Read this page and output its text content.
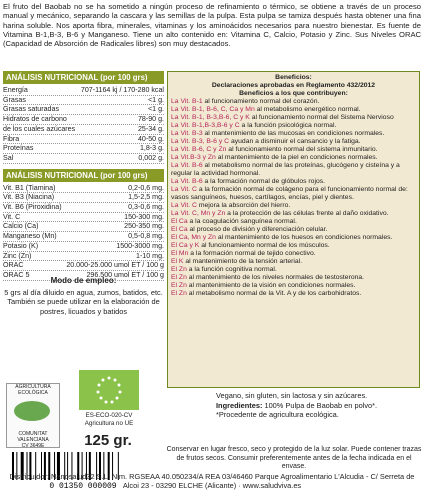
El fruto del Baobab no se ha sometido a ningún proceso de refinamiento o térmico, se obtiene a través de un proceso manual y mecánico, separando la cascara y las semillas de la pulpa. Esta pulpa se tamiza después hasta obtener una fina harina soluble. Nos aporta fibra, minerales, vitaminas y los aminoácidos necesarios para nuestro bienestar. Es fuente de Vitamina B-1,B-3, B-6 y Manganeso. Tiene un alto contenido en: Vitamina C, Calcio, Potasio y Zinc. Sus Niveles ORAC (Capacidad de Absorción de Radicales libres) son muy destacados.
ANÁLISIS NUTRICIONAL (por 100 grs)
Energía	707-1164 kj / 170-280 kcal
Grasas	<1 g.
Grasas saturadas	<1 g.
Hidratos de carbono	78-90 g.
de los cuales azúcares	25-34 g.
Fibra	40-50 g.
Proteínas	1,8-3 g.
Sal	0,002 g.
ANÁLISIS NUTRICIONAL (por 100 grs)
Vit. B1 (Tiamina)	0,2-0,6 mg.
Vit. B3 (Niacina)	1,5-2,5 mg.
Vit. B6 (Piroxidina)	0,3-0,6 mg.
Vit. C	150-300 mg.
Calcio (Ca)	250-350 mg.
Manganeso (Mn)	0,5-0,8 mg.
Potasio (K)	1500-3000 mg.
Zinc (Zn)	1-10 mg.
ORAC	20.000-25.000 umol ET / 100 g
ORAC 5	296.500 umol ET / 100 g
Modo de empleo:
5 grs al día diluido en agua, zumos, batidos, etc. También se puede utilizar en la elaboración de postres, licuados y batidos
Beneficios:
Declaraciones aprobadas en Reglamento 432/2012
Beneficios a los que contribuyen:
La Vit. B-1 al funcionamiento normal del corazón.
La Vit. B-1, B-6, C, Ca y Mn al metabolismo energético normal.
La Vit. B-1, B-3,B-6, C y K al funcionamiento normal del Sistema Nervioso
La Vit. B-1,B-3,B-6 y C a la función psicológica normal.
La Vit. B-3 al mantenimiento de las mucosas en condiciones normales.
La Vit. B-3, B-6 y C ayudan a disminuir el cansancio y la fatiga.
La Vit. B-6, C y Zn al funcionamiento normal del sistema inmunitario.
La Vit.B-3 y Zn al mantenimiento de la piel en condiciones normales.
La Vit. B-6 al metabolismo normal de las proteínas, glucógeno y cisteína y a regular la actividad hormonal.
La Vit. B-6 a la formación normal de glóbulos rojos.
La Vit. C a la formación normal de colágeno para el funcionamiento normal de: vasos sanguíneos, huesos, cartílagos, encías, piel y dientes.
La Vit. C mejora la absorción del hierro.
La Vit. C, Mn y Zn a la protección de las células frente al daño oxidativo.
El Ca a la coagulación sanguínea normal.
El Ca al proceso de división y diferenciación celular.
El Ca, Mn y Zn al mantenimiento de los huesos en condiciones normales.
El Ca y K al funcionamiento normal de los músculos.
El Mn a la formación normal de tejido conectivo.
El K al mantenimiento de la tensión arterial.
El Zn a la función cognitiva normal.
El Zn al mantenimiento de los niveles normales de testosterona.
El Zn al mantenimiento de la visión en condiciones normales.
El Zn al metabolismo normal de la Vit. A y de los carbohidratos.
AGRICULTURA ECOLÓGICA
COMUNITAT VALENCIANA
CV 3649E
ES-ECO-020-CV
Agricultura no UE
125 gr.
Vegano, sin gluten, sin lactosa y sin azúcares.
Ingredientes: 100% Pulpa de Baobab en polvo*.
*Procedente de agricultura ecológica.
0 01350 000009
Conservar en lugar fresco, seco y protegido de la luz solar. Puede contener trazas de frutos secos. Consumir preferentemente antes de la fecha indicada en el envase.
Distribuidor: Nanosalud32 S.L. Nim. RGSEAA 40.050234/A REA 03/46460 Parque Agroalimentario L'Alcudia - C/ Serreta de Alcoi 23 - 03290 ELCHE (Alicante) · www.saludviva.es
